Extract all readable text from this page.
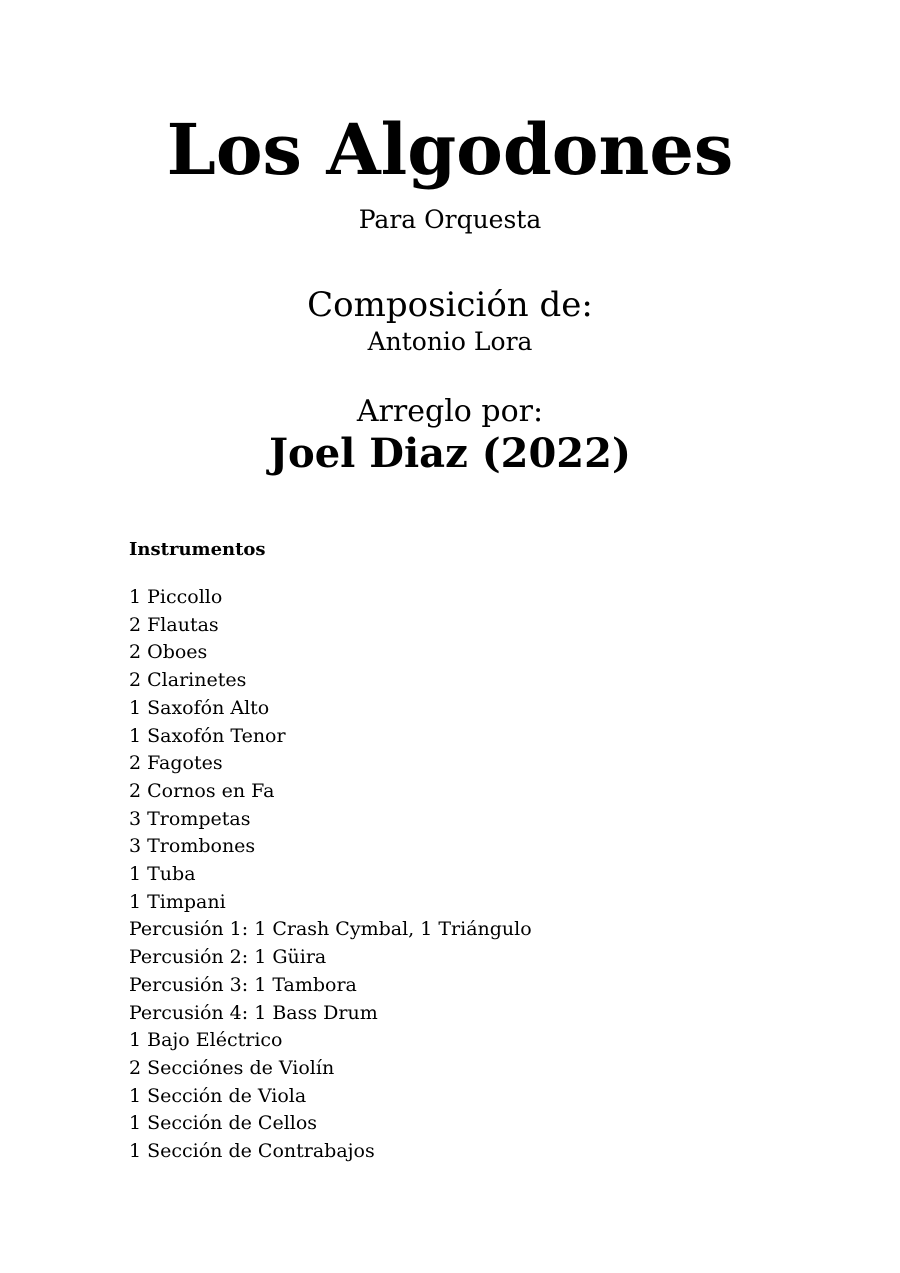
Los Algodones
Para Orquesta
Composición de:
Antonio Lora
Arreglo por:
Joel Diaz (2022)
Instrumentos
1 Piccollo
2 Flautas
2 Oboes
2 Clarinetes
1 Saxofón Alto
1 Saxofón Tenor
2 Fagotes
2 Cornos en Fa
3 Trompetas
3 Trombones
1 Tuba
1 Timpani
Percusión 1: 1 Crash Cymbal, 1 Triángulo
Percusión 2: 1 Güira
Percusión 3: 1 Tambora
Percusión 4: 1 Bass Drum
1 Bajo Eléctrico
2 Secciónes de Violín
1 Sección de Viola
1 Sección de Cellos
1 Sección de Contrabajos
